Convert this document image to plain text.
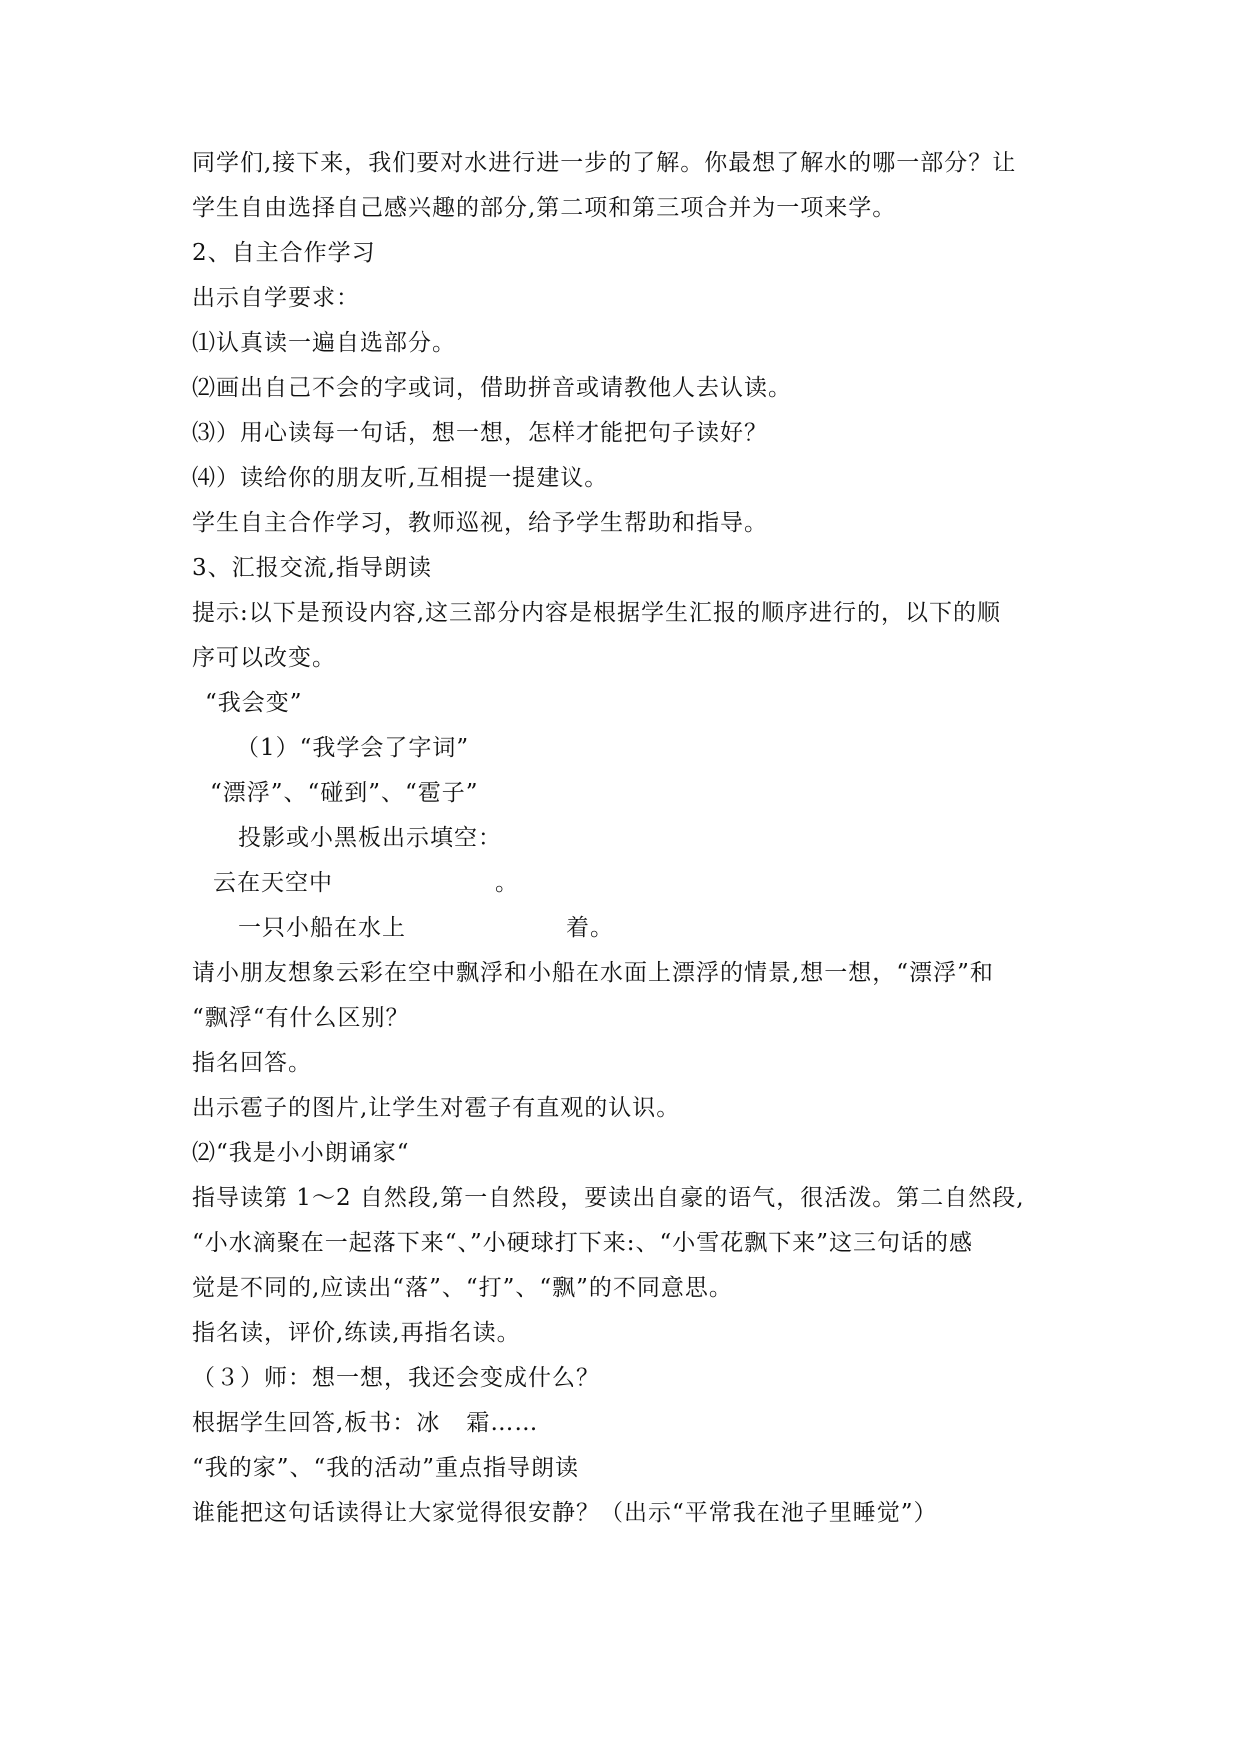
同学们,接下来，我们要对水进行进一步的了解。你最想了解水的哪一部分？让
学生自由选择自己感兴趣的部分,第二项和第三项合并为一项来学。
2、自主合作学习
出示自学要求：
⑴认真读一遍自选部分。
⑵画出自己不会的字或词，借助拼音或请教他人去认读。
⑶）用心读每一句话，想一想，怎样才能把句子读好？
⑷）读给你的朋友听,互相提一提建议。
学生自主合作学习，教师巡视，给予学生帮助和指导。
3、汇报交流,指导朗读
提示:以下是预设内容,这三部分内容是根据学生汇报的顺序进行的，以下的顺
序可以改变。
“我会变”
（1）“我学会了字词”
“漂浮”、“碰到”、“雹子”
投影或小黑板出示填空：
云在天空中	。
一只小船在水上	着。
请小朋友想象云彩在空中飘浮和小船在水面上漂浮的情景,想一想，“漂浮”和
“飘浮“有什么区别？
指名回答。
出示雹子的图片,让学生对雹子有直观的认识。
⑵“我是小小朗诵家“
指导读第 1～2 自然段,第一自然段，要读出自豪的语气，很活泼。第二自然段,
“小水滴聚在一起落下来“、”小硬球打下来:、“小雪花飘下来”这三句话的感
觉是不同的,应读出“落”、“打”、“飘”的不同意思。
指名读，评价,练读,再指名读。
（３）师：想一想，我还会变成什么？
根据学生回答,板书：冰 霜……
“我的家”、“我的活动”重点指导朗读
谁能把这句话读得让大家觉得很安静？（出示“平常我在池子里睡觉”）
